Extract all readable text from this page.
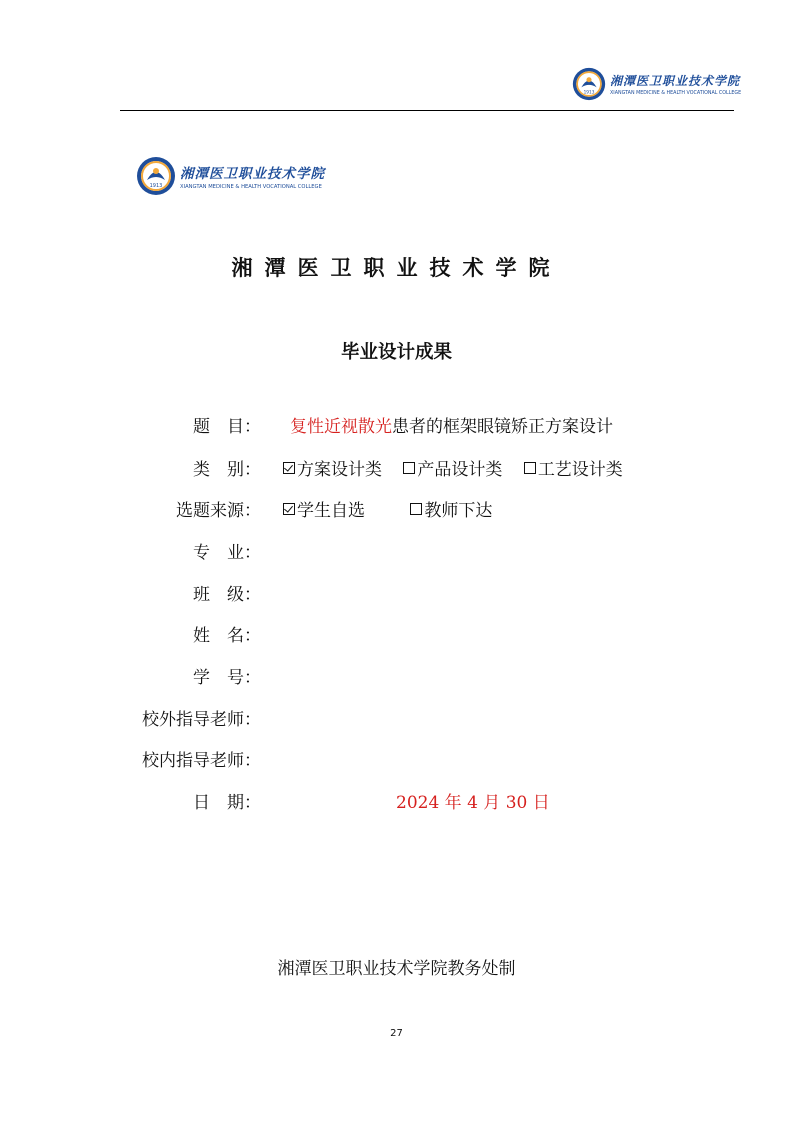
1913
湘潭医卫职业技术学院
XIANGTAN MEDICINE & HEALTH VOCATIONAL COLLEGE
1913
湘潭医卫职业技术学院
XIANGTAN MEDICINE & HEALTH VOCATIONAL COLLEGE
湘潭医卫职业技术学院
毕业设计成果
题　目： 复性近视散光患者的框架眼镜矫正方案设计
类　别： 方案设计类
产品设计类
工艺设计类
选题来源： 学生自选
	教师下达
专　业：
班　级：
姓　名：
学　号：
校外指导老师：
校内指导老师：
日　期：	2024 年 4 月 30 日
湘潭医卫职业技术学院教务处制
27
